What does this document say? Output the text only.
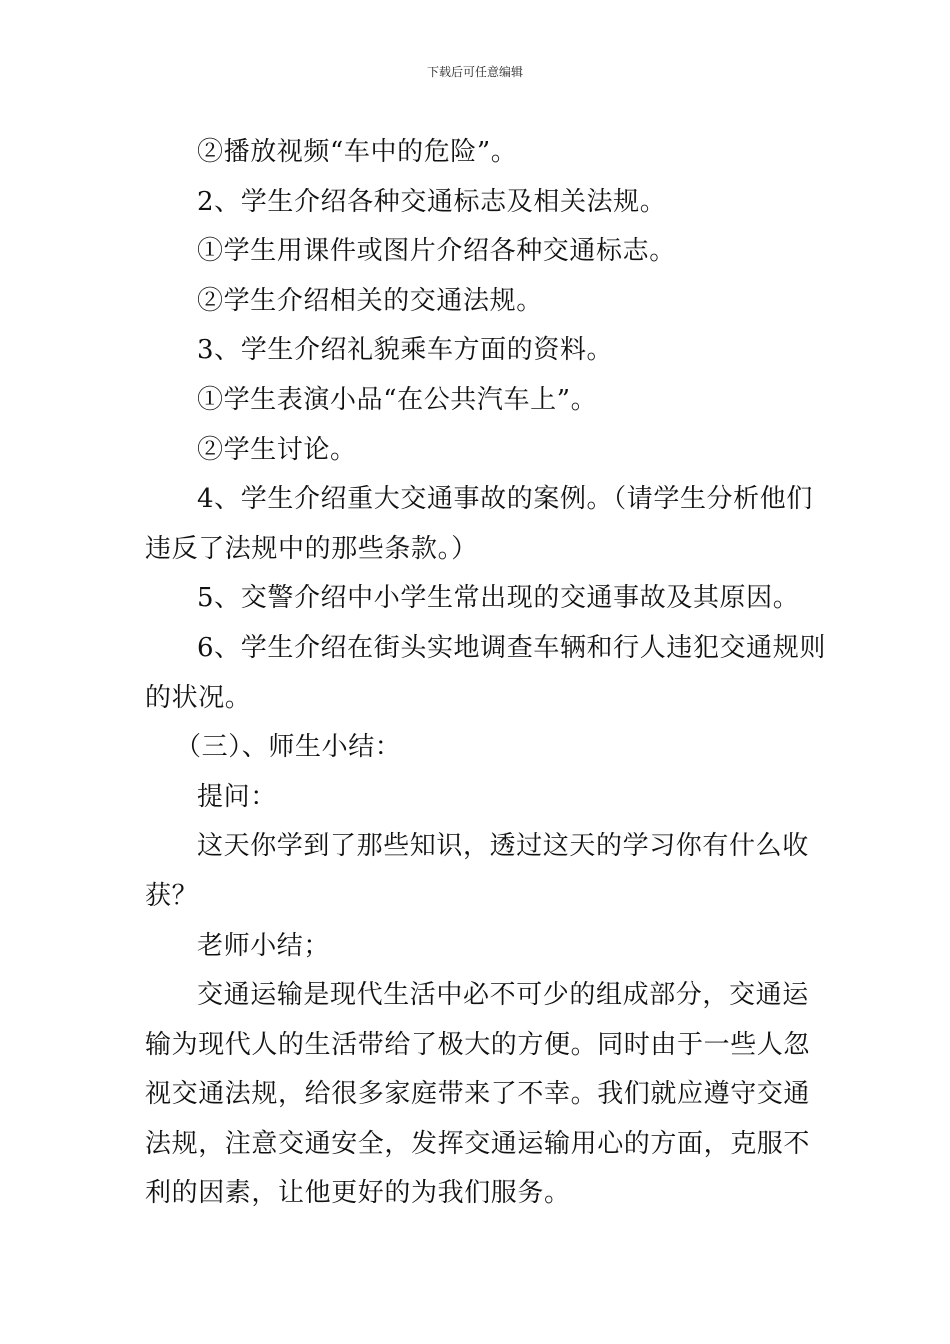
下载后可任意编辑
②播放视频“车中的危险”。
2、学生介绍各种交通标志及相关法规。
①学生用课件或图片介绍各种交通标志。
②学生介绍相关的交通法规。
3、学生介绍礼貌乘车方面的资料。
①学生表演小品“在公共汽车上”。
②学生讨论。
4、学生介绍重大交通事故的案例。（请学生分析他们
违反了法规中的那些条款。）
5、交警介绍中小学生常出现的交通事故及其原因。
6、学生介绍在街头实地调查车辆和行人违犯交通规则
的状况。
（三）、师生小结：
提问：
这天你学到了那些知识，透过这天的学习你有什么收
获？
老师小结；
交通运输是现代生活中必不可少的组成部分，交通运
输为现代人的生活带给了极大的方便。同时由于一些人忽
视交通法规，给很多家庭带来了不幸。我们就应遵守交通
法规，注意交通安全，发挥交通运输用心的方面，克服不
利的因素，让他更好的为我们服务。
